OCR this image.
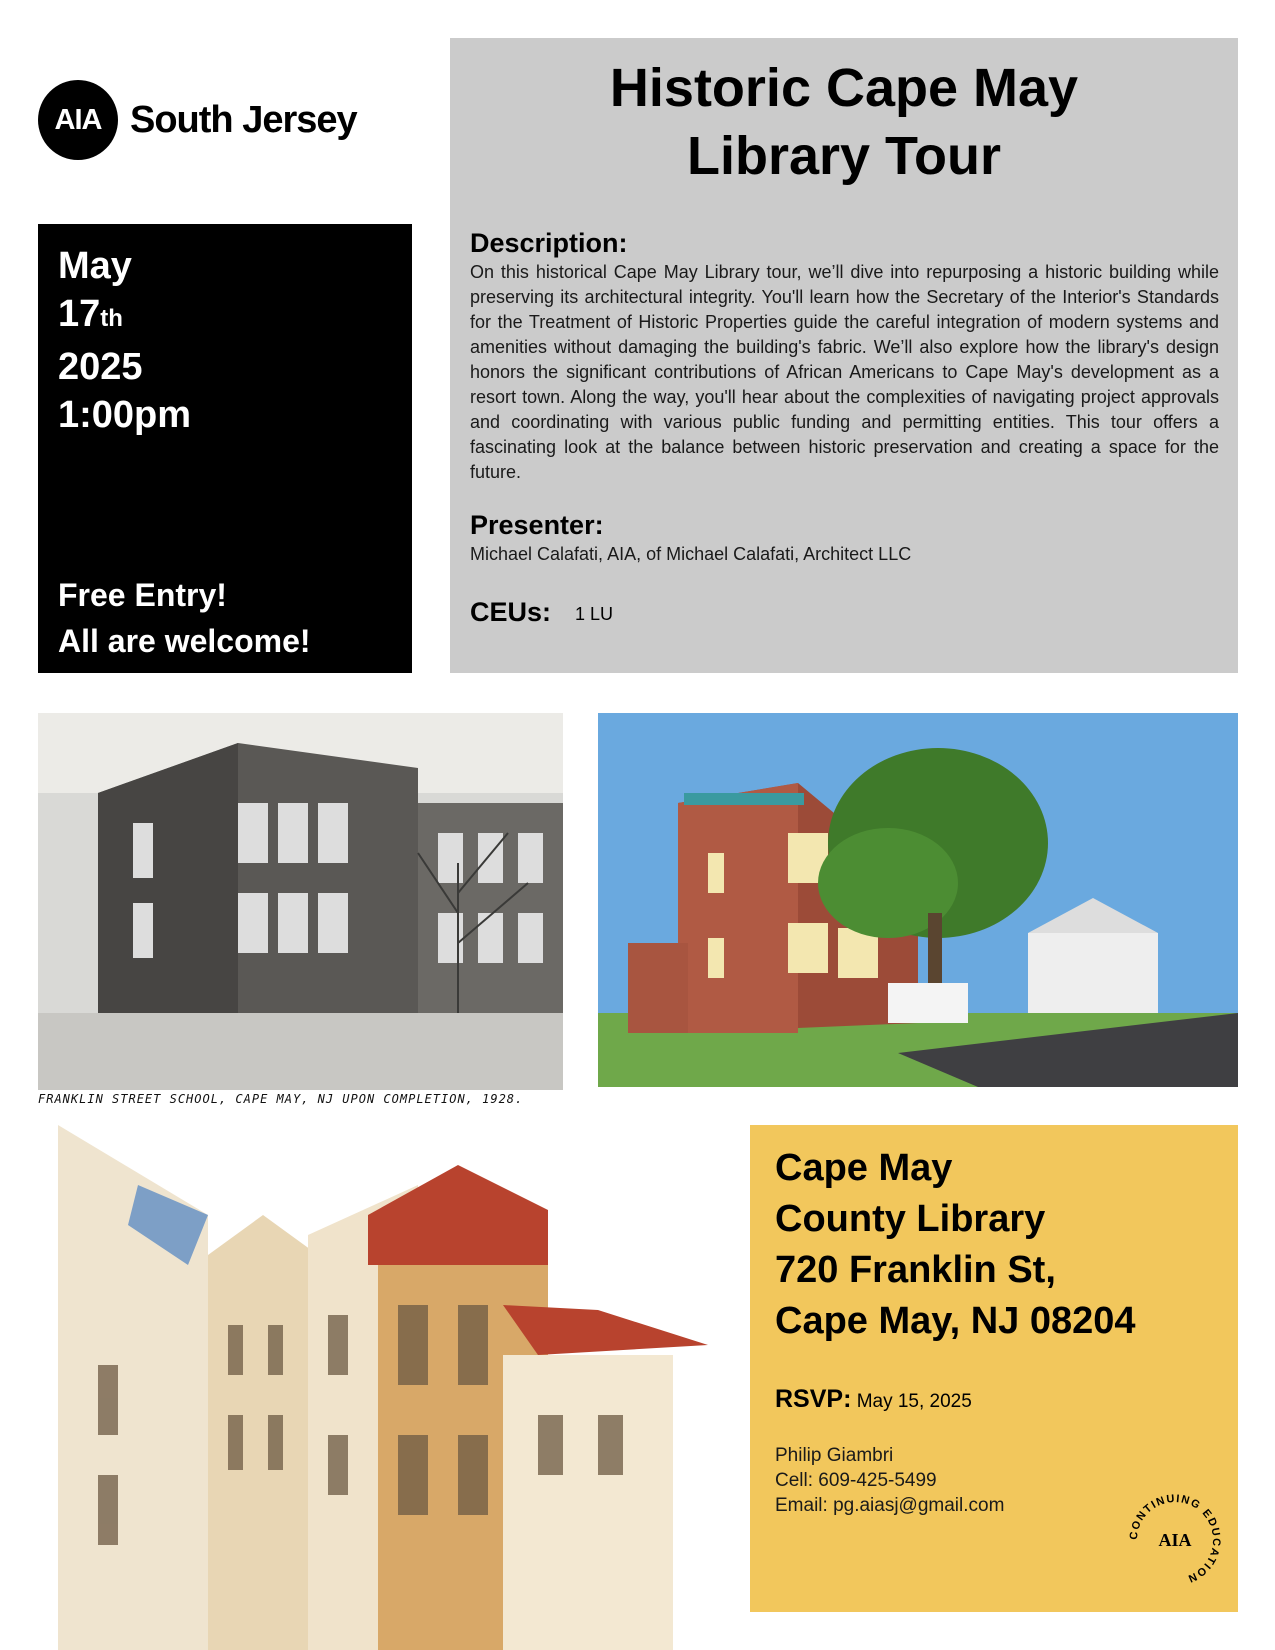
AIA South Jersey
May
17th
2025
1:00pm
Free Entry!
All are welcome!
Historic Cape May
Library Tour
Description:
On this historical Cape May Library tour, we’ll dive into repurposing a historic building while preserving its architectural integrity. You'll learn how the Secretary of the Interior's Standards for the Treatment of Historic Properties guide the careful integration of modern systems and amenities without damaging the building's fabric. We’ll also explore how the library's design honors the significant contributions of African Americans to Cape May's development as a resort town. Along the way, you'll hear about the complexities of navigating project approvals and coordinating with various public funding and permitting entities. This tour offers a fascinating look at the balance between historic preservation and creating a space for the future.
Presenter:
Michael Calafati, AIA, of Michael Calafati, Architect LLC
CEUs: 1 LU
FRANKLIN STREET SCHOOL, CAPE MAY, NJ UPON COMPLETION, 1928.
Cape May
County Library
720 Franklin St,
Cape May, NJ 08204
RSVP: May 15, 2025
Philip Giambri
Cell: 609-425-5499
Email: pg.aiasj@gmail.com
CONTINUING EDUCATION
AIA
